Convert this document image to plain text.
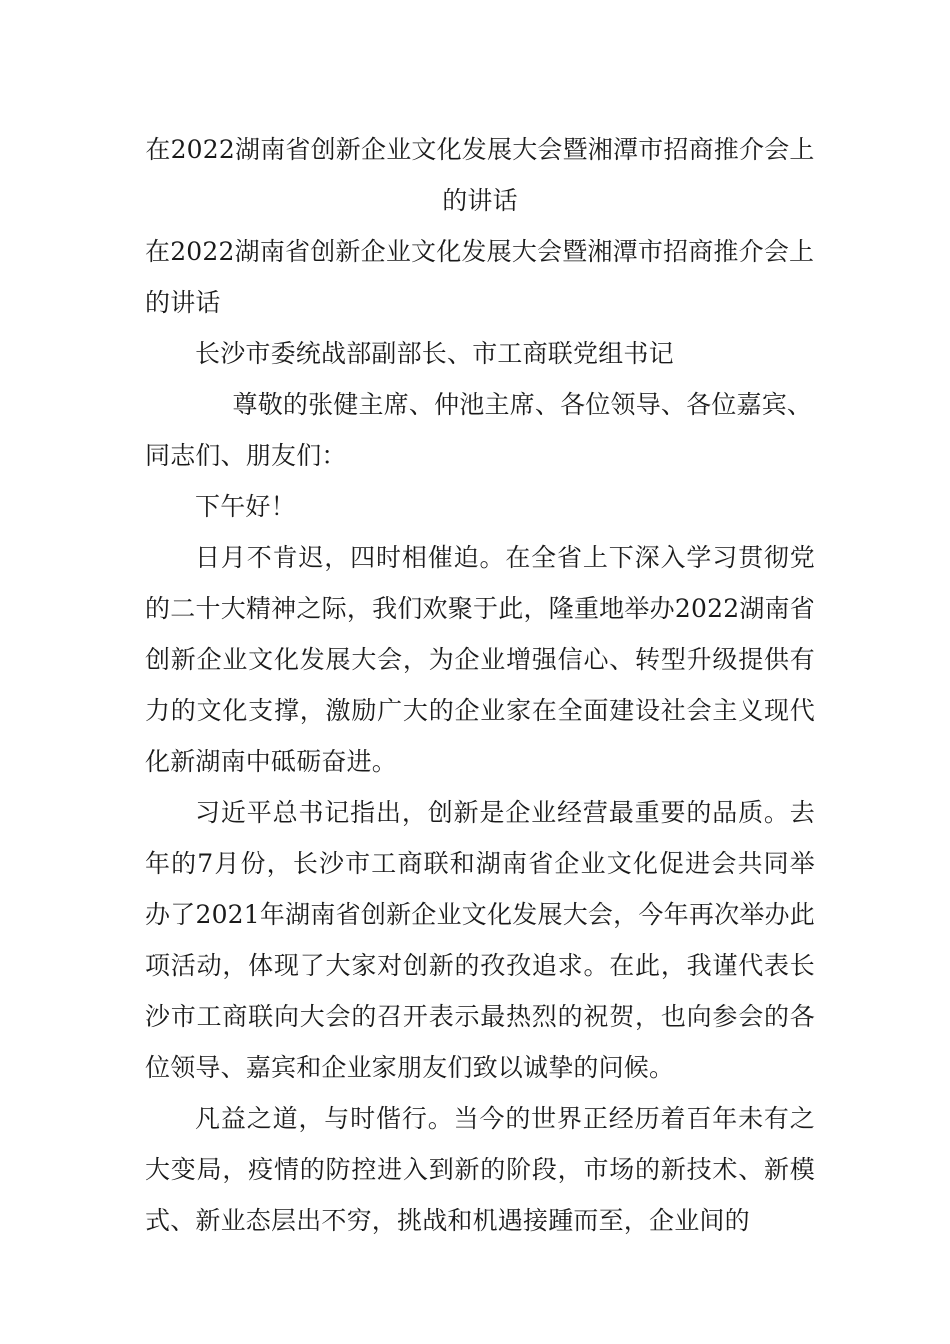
在2022湖南省创新企业文化发展大会暨湘潭市招商推介会上的讲话

在2022湖南省创新企业文化发展大会暨湘潭市招商推介会上的讲话

长沙市委统战部副部长、市工商联党组书记

尊敬的张健主席、仲池主席、各位领导、各位嘉宾、同志们、朋友们：

下午好！

日月不肯迟，四时相催迫。在全省上下深入学习贯彻党的二十大精神之际，我们欢聚于此，隆重地举办2022湖南省创新企业文化发展大会，为企业增强信心、转型升级提供有力的文化支撑，激励广大的企业家在全面建设社会主义现代化新湖南中砥砺奋进。

习近平总书记指出，创新是企业经营最重要的品质。去年的7月份，长沙市工商联和湖南省企业文化促进会共同举办了2021年湖南省创新企业文化发展大会，今年再次举办此项活动，体现了大家对创新的孜孜追求。在此，我谨代表长沙市工商联向大会的召开表示最热烈的祝贺，也向参会的各位领导、嘉宾和企业家朋友们致以诚挚的问候。

凡益之道，与时偕行。当今的世界正经历着百年未有之大变局，疫情的防控进入到新的阶段，市场的新技术、新模式、新业态层出不穷，挑战和机遇接踵而至，企业间的
